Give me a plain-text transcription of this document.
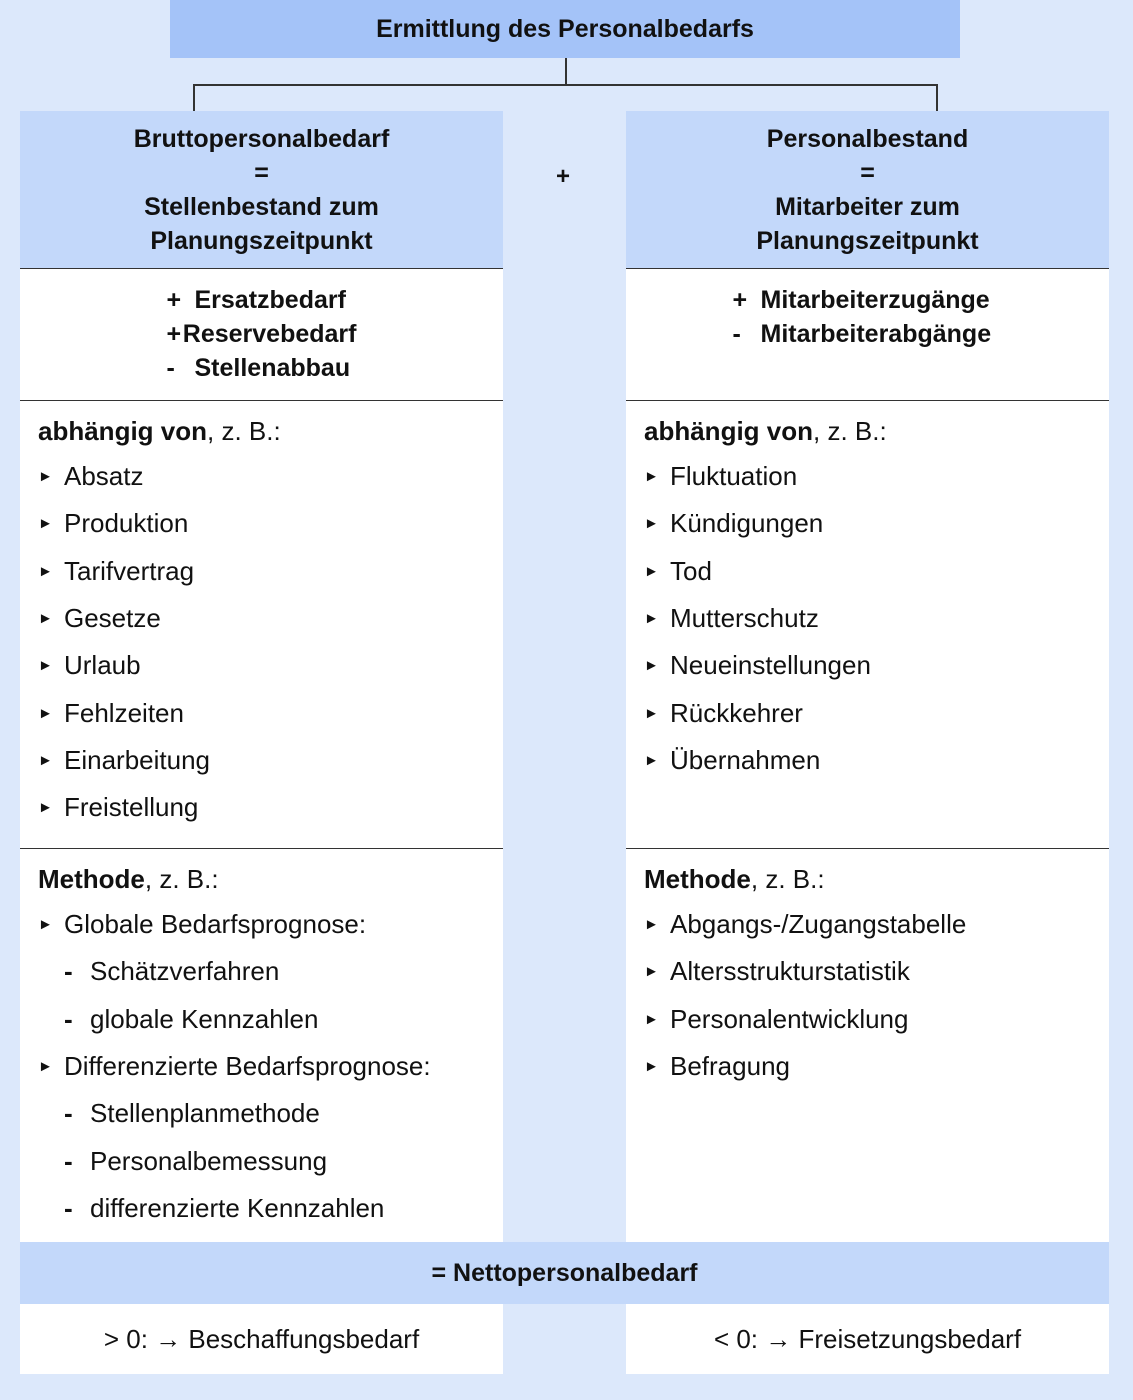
Ermittlung des Personalbedarfs
+
Bruttopersonalbedarf
=
Stellenbestand zum
Planungszeitpunkt
+ Ersatzbedarf
+ Reservebedarf
- Stellenabbau
abhängig von, z. B.:
► Absatz
► Produktion
► Tarifvertrag
► Gesetze
► Urlaub
► Fehlzeiten
► Einarbeitung
► Freistellung
Methode, z. B.:
► Globale Bedarfsprognose:
- Schätzverfahren
- globale Kennzahlen
► Differenzierte Bedarfsprognose:
- Stellenplanmethode
- Personalbemessung
- differenzierte Kennzahlen
Personalbestand
=
Mitarbeiter zum
Planungszeitpunkt
+ Mitarbeiterzugänge
- Mitarbeiterabgänge
abhängig von, z. B.:
► Fluktuation
► Kündigungen
► Tod
► Mutterschutz
► Neueinstellungen
► Rückkehrer
► Übernahmen
Methode, z. B.:
► Abgangs-/Zugangstabelle
► Altersstrukturstatistik
► Personalentwicklung
► Befragung
= Nettopersonalbedarf
> 0: → Beschaffungsbedarf	< 0: → Freisetzungsbedarf
